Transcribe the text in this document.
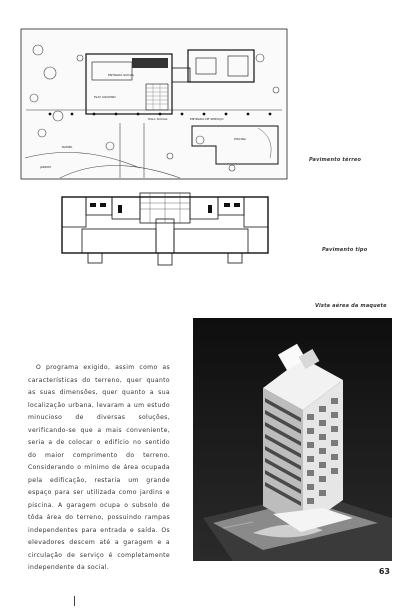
ENTRADA SOCIAL
PLAY GROUND
HALL SOCIAL
RAMPA
ENTRADA DE SERVIÇO
PISCINA
JARDIM
Pavimento térreo
Pavimento tipo
Vista aérea da maquete

O programa exigido, assim como as características do terreno, quer quanto as suas dimensões, quer quanto a sua localização urbana, levaram a um estudo minucioso de diversas soluções, verificando-se que a mais conveniente, seria a de colocar o edifício no sentido do maior comprimento do terreno. Considerando o mínimo de área ocupada pela edificação, restaria um grande espaço para ser utilizada como jardins e piscina. A garagem ocupa o subsolo de tôda área do terreno, possuindo rampas independentes para entrada e saída. Os elevadores descem até a garagem e a circulação de serviço é completamente independente da social.	63
